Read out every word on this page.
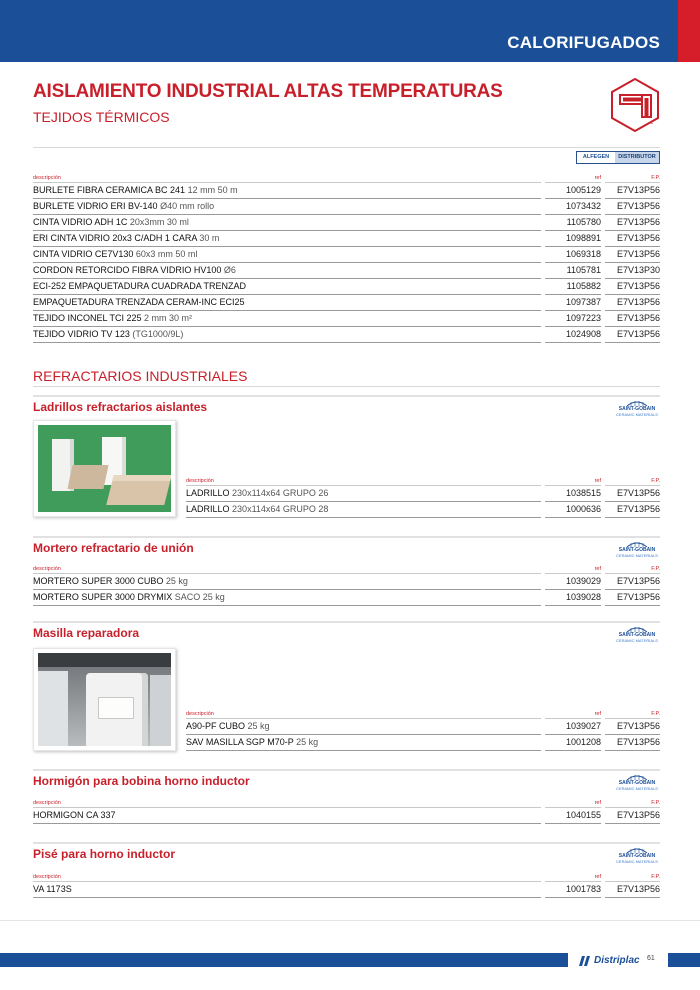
CALORIFUGADOS
AISLAMIENTO INDUSTRIAL ALTAS TEMPERATURAS
TEJIDOS TÉRMICOS	c
ALFEGEN	DISTRIBUTOR
descripción	ref	F.P.
BURLETE FIBRA CERAMICA BC 241 12 mm 50 m	1005129	E7V13P56
BURLETE VIDRIO ERI BV-140 Ø40 mm rollo	1073432	E7V13P56
CINTA VIDRIO ADH 1C 20x3mm 30 ml	1105780	E7V13P56
ERI CINTA VIDRIO 20x3 C/ADH 1 CARA 30 m	1098891	E7V13P56
CINTA VIDRIO CE7V130 60x3 mm 50 ml	1069318	E7V13P56
CORDON RETORCIDO FIBRA VIDRIO HV100 Ø6	1105781	E7V13P30
ECI-252 EMPAQUETADURA CUADRADA TRENZAD	1105882	E7V13P56
EMPAQUETADURA TRENZADA CERAM-INC ECI25	1097387	E7V13P56
TEJIDO INCONEL TCI 225 2 mm 30 m²	1097223	E7V13P56
TEJIDO VIDRIO TV 123 (TG1000/9L)	1024908	E7V13P56
REFRACTARIOS INDUSTRIALES
Ladrillos refractarios aislantes	SAINT-GOBAIN
CERAMIC MATERIALS
descripción	ref	F.P.
LADRILLO 230x114x64 GRUPO 26	1038515	E7V13P56
LADRILLO 230x114x64 GRUPO 28	1000636	E7V13P56
Mortero refractario de unión	SAINT-GOBAIN
CERAMIC MATERIALS
descripción	ref	F.P.
MORTERO SUPER 3000 CUBO 25 kg	1039029	E7V13P56
MORTERO SUPER 3000 DRYMIX SACO 25 kg	1039028	E7V13P56
Masilla reparadora	SAINT-GOBAIN
CERAMIC MATERIALS
descripción	ref	F.P.
A90-PF CUBO 25 kg	1039027	E7V13P56
SAV MASILLA SGP M70-P 25 kg	1001208	E7V13P56
Hormigón para bobina horno inductor	SAINT-GOBAIN
CERAMIC MATERIALS
descripción	ref	F.P.
HORMIGON CA 337	1040155	E7V13P56
Pisé para horno inductor	SAINT-GOBAIN
CERAMIC MATERIALS
descripción	ref	F.P.
VA 1173S	1001783	E7V13P56
Distriplac 61
